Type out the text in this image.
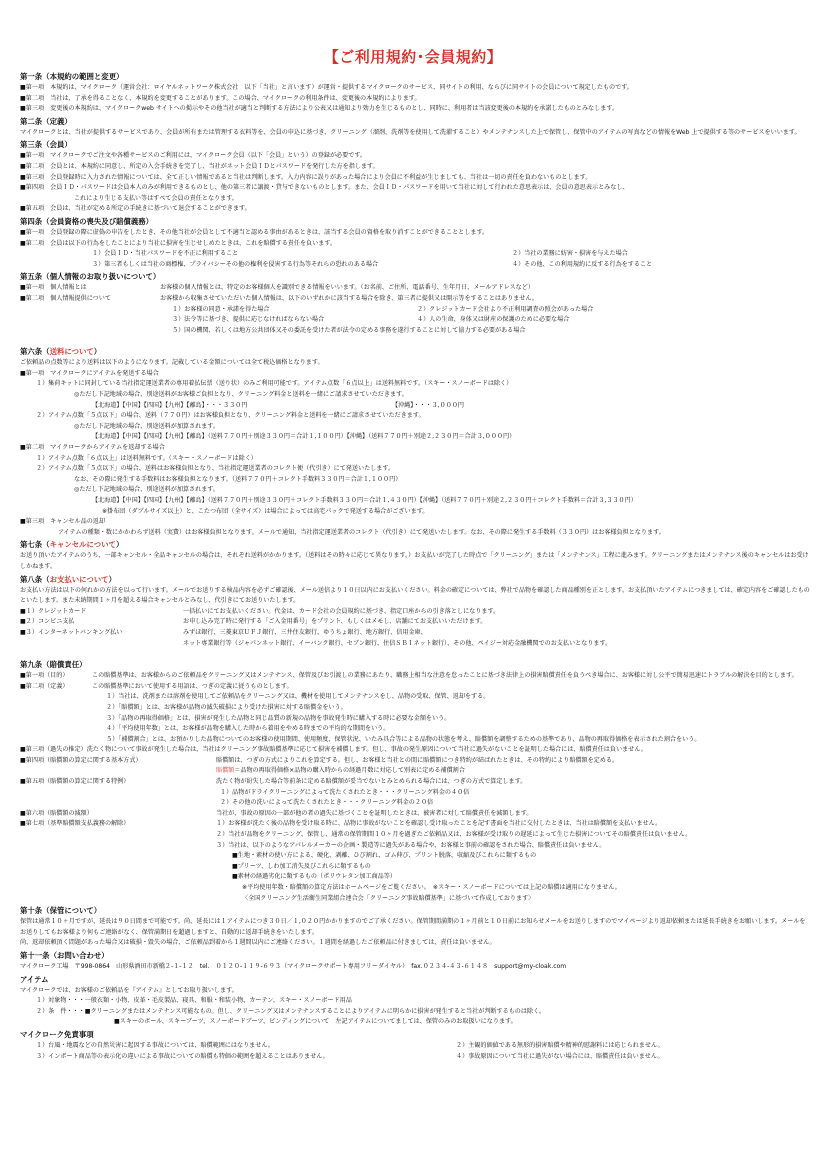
【ご利用規約･会員規約】
第一条（本規約の範囲と変更）
■第一項　本規約は、マイクローク（運営会社：ロイヤルネットワーク株式会社　以下「当社」と言います）が運営・提供するマイクロークのサービス、同サイトの利用、ならびに同サイトの会員について規定したものです。
■第二項　当社は、了承を得ることなく、本規約を変更することがあります。この場合、マイクロークの利用条件は、変更後の本規約によります。
■第三項　変更後の本規約は、マイクロークweb サイトへの掲示やその他当社が適当と判断する方法により公表又は通知より効力を生じるものとし、同時に、利用者は当該変更後の本規約を承諾したものとみなします。
第二条（定義）
マイクロークとは、当社が提供するサービスであり、会員が所有または管理する衣料等を、会員の申込に基づき、クリーニング（溜剤、洗剤等を使用して洗濯すること）やメンテナンスした上で保管し、保管中のアイテムの写真などの情報をWeb 上で提供する等のサービスをいいます。
第三条（会員）
■第一項　マイクロークでご注文や各種サービスのご利用には、マイクローク会員（以下「会員」という）の登録が必要です。
■第二項　会員とは、本規約に同意し、所定の入会手続きを完了し、当社がネット会員ＩＤとパスワードを発行した方を指します。
■第三項　会員登録時に入力された情報については、全て正しい情報であると当社は判断します。入力内容に誤りがあった場合により会員に不利益が生じましても、当社は一切の責任を負わないものとします。
■第四項　会員ＩＤ・パスワードは会員本人のみが利用できるものとし、他の第三者に譲渡・貸与できないものとします。また、会員ＩＤ・パスワードを用いて当社に対して行われた意思表示は、会員の意思表示とみなし、
これにより生じる支払い等はすべて会員の責任となります。
■第五項　会員は、当社が定める所定の手続きに基づいて退会することができます。
第四条（会員資格の喪失及び賠償義務）
■第一項　会員登録の際に虚偽の申告をしたとき、その他当社が会員として不適当と認める事由があるときは、該当する会員の資格を取り消すことができることとします。
■第二項　会員は以下の行為をしたことにより当社に損害を生じせしめたときは、これを賠償する責任を負います。
１）会員ＩＤ・当社パスワードを不正に利用すること	２）当社の業務に妨害・損害を与えた場合
３）第三者もしくは当社の商標権、プライバシーその他の権利を侵害する行為等それらの恐れのある場合	４）その他、この利用規約に反する行為をすること
第五条（個人情報のお取り扱いについて）
■第一項　個人情報とは	お客様の個人情報とは、特定のお客様個人を識別できる情報をいいます。（お名前、ご住所、電話番号、生年月日、メールアドレスなど）
■第二項　個人情報提供について	お客様から収集させていただいた個人情報は、以下のいずれかに該当する場合を除き、第三者に提供又は開示等をすることはありません。
１）お客様の同意・承諾を得た場合	２）クレジットカード会社より不正利用調査の照会があった場合
３）法令等に基づき、提供に応じなければならない場合	４）人の生命、身体又は財産の保護のために必要な場合
５）国の機関、若しくは地方公共団体又その委託を受けた者が法令の定める事務を遂行することに対して協力する必要がある場合
第六条（送料について）
ご依頼品の点数等により送料は以下のようになります。記載している金額については全て税込価格となります。
■第一項　マイクロークにアイテムを発送する場合
１）集荷キットに同封している当社指定運送業者の専用着払伝票（送り状）のみご利用可能です。アイテム点数「６点以上」は送料無料です。（スキー・スノーボードは除く）
◎ただし下記地域の場合、別途送料がお客様ご負担となり、クリーニング料金と送料を一緒にご請求させていただきます。
【北海道】【中国】【四国】【九州】【離島】・・・３３０円	【沖縄】・・・３,０００円
２）アイテム点数「５点以下」の場合、送料（７７０円）はお客様負担となり、クリーニング料金と送料を一緒にご請求させていただきます。
◎ただし下記地域の場合、別途送料が加算されます。
【北海道】【中国】【四国】【九州】【離島】（送料７７０円＋別途３３０円＝合計１,１００円）【沖縄】（送料７７０円＋別途２,２３０円＝合計３,０００円）
■第二項　マイクロークからアイテムを返却する場合
１）アイテム点数「６点以上」は送料無料です。（スキー・スノーボードは除く）
２）アイテム点数「５点以下」の場合、送料はお客様負担となり、当社指定運送業者のコレクト便（代引き）にて発送いたします。
なお、その際に発生する手数料はお客様負担となります。（送料７７０円＋コレクト手数料３３０円＝合計１,１００円）
◎ただし下記地域の場合、別途送料が加算されます。
【北海道】【中国】【四国】【九州】【離島】（送料７７０円＋別途３３０円＋コレクト手数料３３０円＝合計１,４３０円）【沖縄】（送料７７０円＋別途２,２３０円＋コレクト手数料＝合計３,３３０円）
※掛布団（ダブルサイズ以上）と、こたつ布団（全サイズ）は場合によっては高宅パックで発送する場合がございます。
■第三項　キャンセル品の返却
アイテムの種類・数にかかわらず送料（実費）はお客様負担となります。メールで通知、当社指定運送業者のコレクト（代引き）にて発送いたします。なお、その際に発生する手数料（３３０円）はお客様負担となります。
第七条（キャンセルについて）
お送り頂いたアイテムのうち、一部キャンセル・全品キャンセルの場合は、それぞれ送料がかかります。（送料はその時々に応じて異なります。）お支払いが完了した時点で「クリーニング」または「メンテナンス」工程に進みます。クリーニングまたはメンテナンス後のキャンセルはお受けしかねます。
第八条（お支払いについて）
お支払い方法は以下の何れかの方法を以って行います。メールでお送りする検品内容を必ずご確認後、メール送信より１０日以内にお支払いください。料金の確定については、弊社で品物を確認した商品種別を正とします。お支払頂いたアイテムにつきましては、確定内容をご確認したものといたします。また未納期間１ヶ月を超える場合キャンセルとみなし、代引きにてお送りいたします。
■１）クレジットカード	一括払いにてお支払いください。代金は、カード会社の会員規約に基づき、指定口座からの引き落としになります。
■２）コンビニ支払	お申し込み完了時に発行する「ご入金用番号」をプリント、もしくはメモし、店舗にてお支払いいただけます。
■３）インターネットバンキング払い	みずほ銀行、三菱東京ＵＦＪ銀行、三井住友銀行、ゆうちょ銀行、地方銀行、信用金庫、
ネット専業銀行等（ジャパンネット銀行、イーバンク銀行、セブン銀行、住信ＳＢＩネット銀行）、その他、ペイジー対応金融機関でのお支払いとなります。
第九条（賠償責任）
■第一項（目的）	この賠償基準は、お客様からのご依頼品をクリーニング又はメンテナンス、保管及びお引渡しの業務にあたり、職務上相当な注意を怠ったことに基づき法律上の損害賠償責任を負うべき場合に、お客様に対し公平で簡易迅速にトラブルの解決を目的とします。
■第二項（定義）	この賠償基準において使用する用語は、つぎの定義に従うものとします。
１）当社は、洗剤または溶剤を使用してご依頼品をクリーニング又は、機材を使用してメンテナンスをし、品物の受取、保管、返却をする。
２）「賠償額」とは、お客様が品物の滅失破損により受けた損害に対する賠償金をいう。
３）「品物の再取得価格」とは、損害が発生した品物と同じ品質の新規の品物を事故発生時に購入する時に必要な金額をいう。
４）「平均使用年数」とは、お客様が品物を購入した時から着用をやめる時までの平均的な期間をいう。
５）「補償割合」とは、お預かりした品物についてのお客様の使用期間、使用頻度、保管状況、いたみ具合等による品物の状態を考え、賠償額を調整するための基準であり、品物の再取得価格を表示された割合をいう。
■第三項（過失の推定）洗たく物について事故が発生した場合は、当社はクリーニング事故賠償基準に応じて損害を補償します。但し、事故の発生原因について当社に過失がないことを証明した場合には、賠償責任は負いません。
■第四項（賠償額の算定に関する基本方式）	賠償額は、つぎの方式によりこれを算定する。但し、お客様と当社との間に賠償額につき特約が結ばれたときは、その特約により賠償額を定める。
賠償額＝品物の再取得価格×品物の購入時からの経過月数に対応して別表に定める補償割合
■第五項（賠償額の算定に関する特例）	洗たく物が紛失した場合等前条に定める賠償額が妥当でないとみとめられる場合には、つぎの方式で算定します。
１）品物がドライクリーニングによって洗たくされたとき・・・クリーニング料金の４０倍
２）その他の洗いによって洗たくされたとき・・・クリーニング料金の２０倍
■第六項（賠償額の減額）	当社が、事故の原因の一部が他の者の過失に基づくことを証明したときは、被害者に対して賠償責任を減額します。
■第七項（基準賠償額支払義務の解除）	１）お客様が洗たく後の品物を受け取る時に、品物に事故がないことを確認し受け取ったことを記す書面を当社に交付したときは、当社は賠償額を支払いません。
２）当社が品物をクリーニング、保管し、通常の保管期間１０ヶ月を過ぎたご依頼品又は、お客様が受け取りの遅延によって生じた損害についてその賠償責任は負いません。
３）当社は、以下のようなアパレルメーカーの企画・製造等に過失がある場合や、お客様と事前の確認をされた場合、賠償責任は負いません。
■生地・素材の使い方による、硬化、剥離、ひび割れ、ゴム伸び、プリント脱落、収縮及びこれらに類するもの
■プリーツ、しわ加工消失及びこれらに類するもの
■素材の経過劣化に類するもの（ポリウレタン加工商品等）
※平均使用年数・賠償額の算定方法はホームページをご覧ください。　※スキー・スノーボードについては上記の賠償は適用になりません。
〈全国クリーニング生活衛生同業組合連合会「クリーニング事故賠償基準」に基づいて作成しております〉
第十条（保管について）
保管は通常１０ヶ月ですが、延長は９０日間まで可能です。尚、延長には１アイテムにつき３０日／１,０２０円かかりますのでご了承ください。保管期間満期の１ヶ月前と１０日前にお知らせメールをお送りしますのでマイページより返却依頼または延長手続きをお願いします。メールをお送りしてもお客様より何もご連絡がなく、保管満期日を超過しますと、自動的に返却手続きをいたします。
尚、返却依頼頂く問題があった場合又は破損・毀失の場合、ご依頼品到着から１週間以内にご連絡ください。１週間を経過したご依頼品に付きましては、責任は負いません。
第十一条（お問い合わせ）
マイクローク工場　〒998-0864　山形県酒田市新橋２-１-１２　tel.　０１２０-１１９-６９３（マイクロークサポート専用フリーダイヤル）　fax.０２３４-４３-６１４８　support@my-cloak.com
アイテム
マイクロークでは、お客様のご依頼品を『アイテム』としてお取り扱いします。
１）対象物・・・一般衣類・小物、皮革・毛皮製品、寝具、和服・和装小物、カーテン、スキー・スノーボード用品
２）条　件・・・■クリーニングまたはメンテナンス可能なもの。但し、クリーニング又はメンテナンスすることによりアイテムに明らかに損害が発生すると当社が判断するものは除く。
■スキーのボール、スキーブーツ、スノーボードブーツ、ビンディングについて　左記アイテムについてましては、保管のみのお取扱いになります。
マイクローク免責事項
１）台風・地震などの自然災害に起因する事故については、賠償範囲にはなりません。	２）主観的価値である無形的損害賠償や精神的慰謝料には応じられません。
３）インポート商品等の表示化の違いによる事故についての賠償も特価の範囲を超えることはありません。	４）事故原因について当社に過失がない場合には、賠償責任は負いません。
